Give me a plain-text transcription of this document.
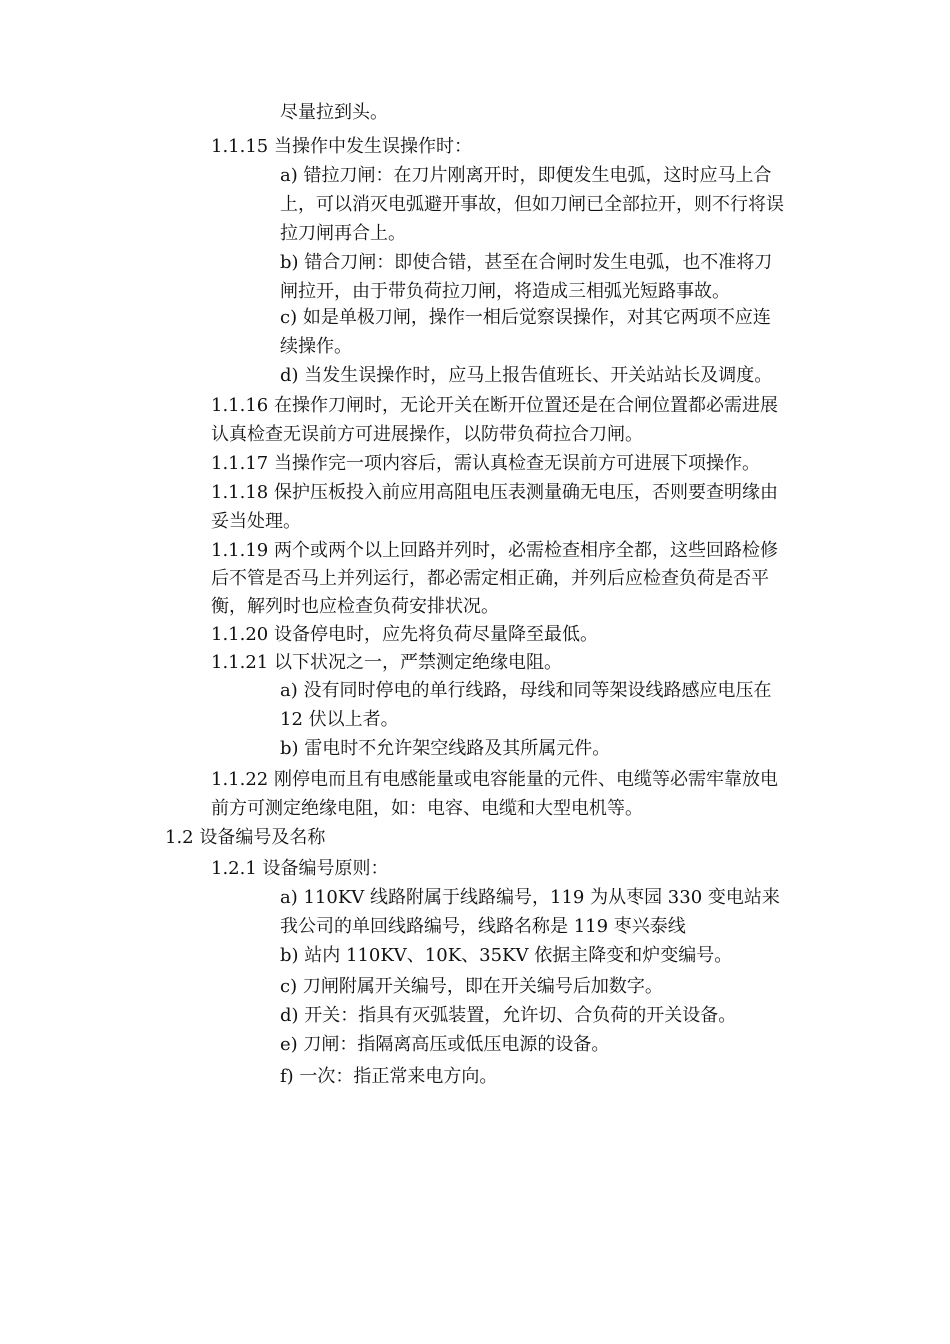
尽量拉到头。

1.1.15 当操作中发生误操作时：

a) 错拉刀闸：在刀片刚离开时，即便发生电弧，这时应马上合

上，可以消灭电弧避开事故，但如刀闸已全部拉开，则不行将误

拉刀闸再合上。

b) 错合刀闸：即使合错，甚至在合闸时发生电弧，也不准将刀

闸拉开，由于带负荷拉刀闸，将造成三相弧光短路事故。

c) 如是单极刀闸，操作一相后觉察误操作，对其它两项不应连

续操作。

d) 当发生误操作时，应马上报告值班长、开关站站长及调度。

1.1.16 在操作刀闸时，无论开关在断开位置还是在合闸位置都必需进展

认真检查无误前方可进展操作，以防带负荷拉合刀闸。

1.1.17 当操作完一项内容后，需认真检查无误前方可进展下项操作。

1.1.18 保护压板投入前应用高阻电压表测量确无电压，否则要查明缘由

妥当处理。

1.1.19 两个或两个以上回路并列时，必需检查相序全都，这些回路检修

后不管是否马上并列运行，都必需定相正确，并列后应检查负荷是否平

衡，解列时也应检查负荷安排状况。

1.1.20 设备停电时，应先将负荷尽量降至最低。

1.1.21 以下状况之一，严禁测定绝缘电阻。

a) 没有同时停电的单行线路，母线和同等架设线路感应电压在

12 伏以上者。

b) 雷电时不允许架空线路及其所属元件。

1.1.22 刚停电而且有电感能量或电容能量的元件、电缆等必需牢靠放电

前方可测定绝缘电阻，如：电容、电缆和大型电机等。

1.2 设备编号及名称

1.2.1 设备编号原则：

a) 110KV 线路附属于线路编号，119 为从枣园 330 变电站来

我公司的单回线路编号，线路名称是 119 枣兴泰线

b) 站内 110KV、10K、35KV 依据主降变和炉变编号。

c) 刀闸附属开关编号，即在开关编号后加数字。

d) 开关：指具有灭弧装置，允许切、合负荷的开关设备。

e) 刀闸：指隔离高压或低压电源的设备。

f) 一次：指正常来电方向。
